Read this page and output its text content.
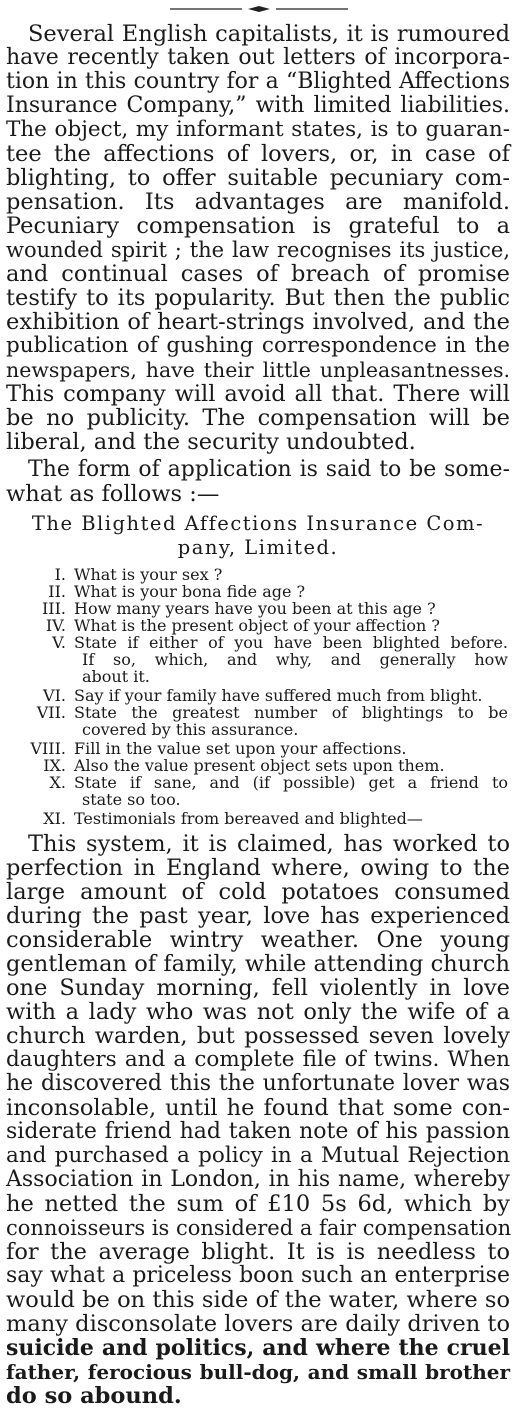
Several English capitalists, it is rumoured
have recently taken out letters of incorpora-
tion in this country for a “Blighted Affections
Insurance Company,” with limited liabilities.
The object, my informant states, is to guaran-
tee the affections of lovers, or, in case of
blighting, to offer suitable pecuniary com-
pensation. Its advantages are manifold.
Pecuniary compensation is grateful to a
wounded spirit ; the law recognises its justice,
and continual cases of breach of promise
testify to its popularity. But then the public
exhibition of heart-strings involved, and the
publication of gushing correspondence in the
newspapers, have their little unpleasantnesses.
This company will avoid all that. There will
be no publicity. The compensation will be
liberal, and the security undoubted.
The form of application is said to be some-
what as follows :—
The Blighted Affections Insurance Com-
pany, Limited.
I. What is your sex ?
II. What is your bona fide age ?
III. How many years have you been at this age ?
IV. What is the present object of your affection ?
V. State if either of you have been blighted before.
If so, which, and why, and generally how
about it.
VI. Say if your family have suffered much from blight.
VII. State the greatest number of blightings to be
covered by this assurance.
VIII. Fill in the value set upon your affections.
IX. Also the value present object sets upon them.
X. State if sane, and (if possible) get a friend to
state so too.
XI. Testimonials from bereaved and blighted—
This system, it is claimed, has worked to
perfection in England where, owing to the
large amount of cold potatoes consumed
during the past year, love has experienced
considerable wintry weather. One young
gentleman of family, while attending church
one Sunday morning, fell violently in love
with a lady who was not only the wife of a
church warden, but possessed seven lovely
daughters and a complete file of twins. When
he discovered this the unfortunate lover was
inconsolable, until he found that some con-
siderate friend had taken note of his passion
and purchased a policy in a Mutual Rejection
Association in London, in his name, whereby
he netted the sum of £10 5s 6d, which by
connoisseurs is considered a fair compensation
for the average blight. It is is needless to
say what a priceless boon such an enterprise
would be on this side of the water, where so
many disconsolate lovers are daily driven to
suicide and politics, and where the cruel
father, ferocious bull-dog, and small brother
do so abound.
